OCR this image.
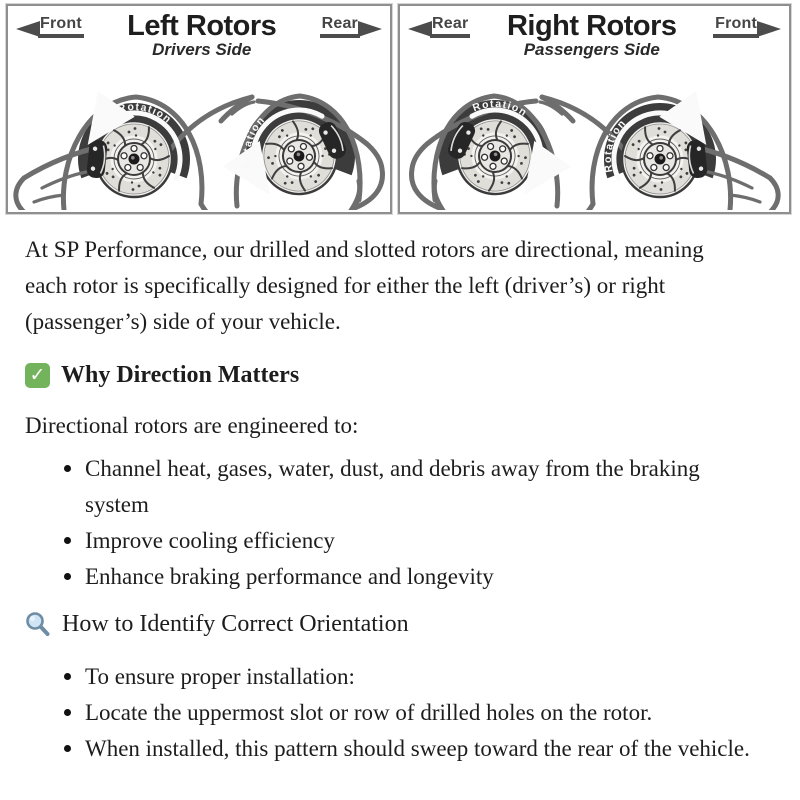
Front	Left Rotors
Drivers Side
Rear
Rotation
Rotation
Rear	Right Rotors
Passengers Side
Front
Rotation
Rotation

At SP Performance, our drilled and slotted rotors are directional, meaning each rotor is specifically designed for either the left (driver’s) or right (passenger’s) side of your vehicle.

✓ Why Direction Matters

Directional rotors are engineered to:

Channel heat, gases, water, dust, and debris away from the braking system
Improve cooling efficiency
Enhance braking performance and longevity
How to Identify Correct Orientation
To ensure proper installation:
Locate the uppermost slot or row of drilled holes on the rotor.
When installed, this pattern should sweep toward the rear of the vehicle.
